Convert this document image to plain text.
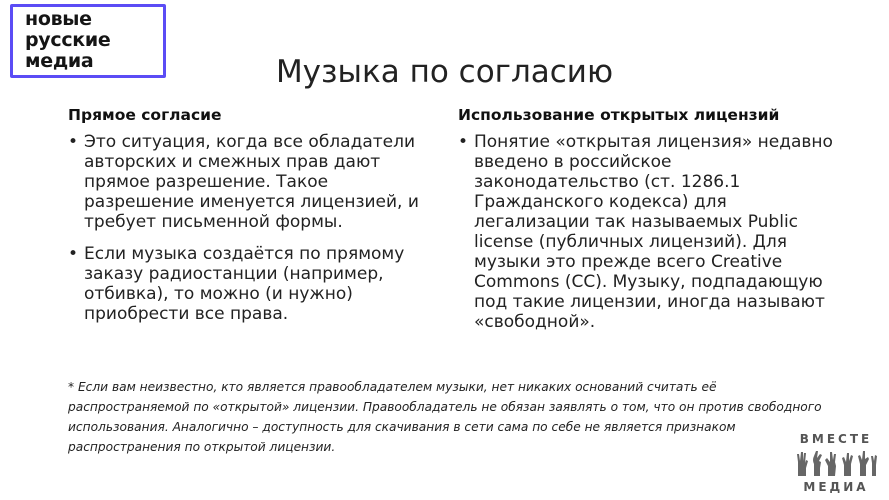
новые
русские
медиа	Музыка по согласию
Прямое согласие
• Это ситуация, когда все обладатели авторских и смежных прав дают прямое разрешение. Такое разрешение именуется лицензией, и требует письменной формы.
• Если музыка создаётся по прямому заказу радиостанции (например, отбивка), то можно (и нужно) приобрести все права.
Использование открытых лицензий
• Понятие «открытая лицензия» недавно введено в российское законодательство (ст. 1286.1 Гражданского кодекса) для легализации так называемых Public license (публичных лицензий). Для музыки это прежде всего Creative Commons (CC). Музыку, подпадающую под такие лицензии, иногда называют «свободной».
* Если вам неизвестно, кто является правообладателем музыки, нет никаких оснований считать её распространяемой по «открытой» лицензии. Правообладатель не обязан заявлять о том, что он против свободного использования. Аналогично – доступность для скачивания в сети сама по себе не является признаком распространения по открытой лицензии.
ВМЕСТЕ
МЕДИА
